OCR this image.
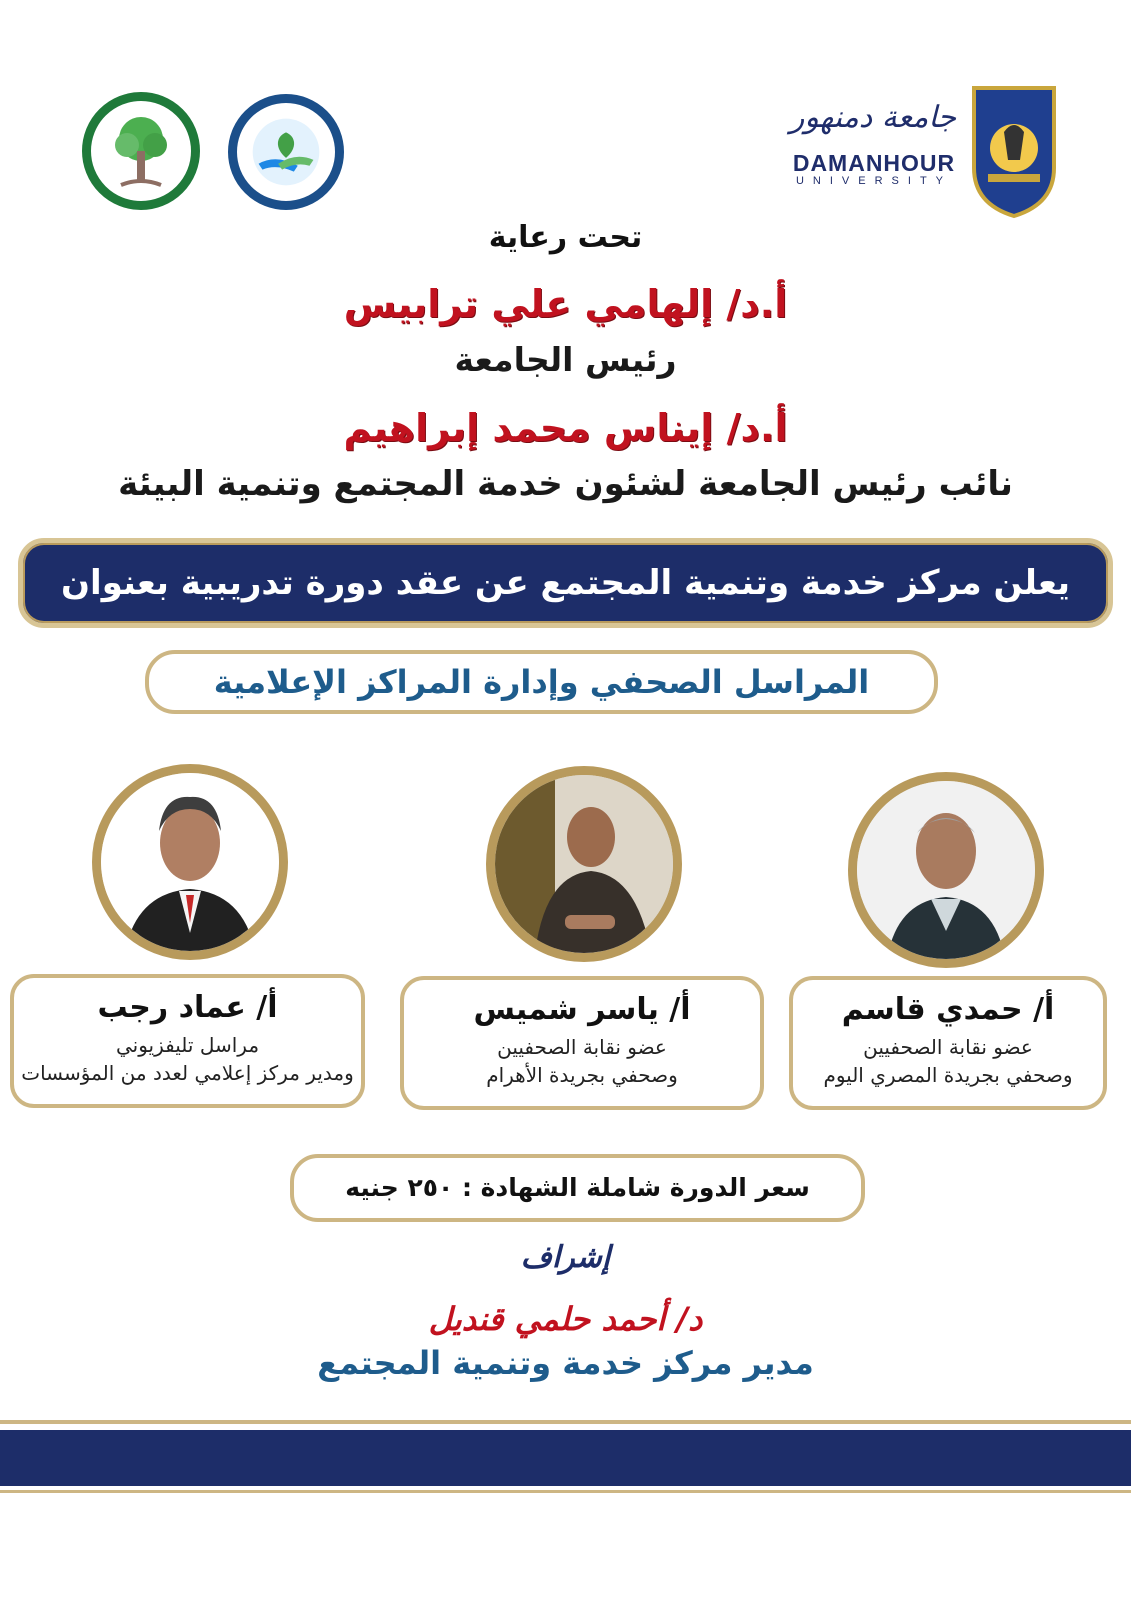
جامعة دمنهور
DAMANHOUR
UNIVERSITY
تحت رعاية
أ.د/ إلهامي علي ترابيس
رئيس الجامعة
أ.د/ إيناس محمد إبراهيم
نائب رئيس الجامعة لشئون خدمة المجتمع وتنمية البيئة
يعلن مركز خدمة وتنمية المجتمع عن عقد دورة تدريبية بعنوان
المراسل الصحفي وإدارة المراكز الإعلامية
أ/ حمدي قاسم
عضو نقابة الصحفيين
وصحفي بجريدة المصري اليوم
أ/ ياسر شميس
عضو نقابة الصحفيين
وصحفي بجريدة الأهرام
أ/ عماد رجب
مراسل تليفزيوني
ومدير مركز إعلامي لعدد من المؤسسات
سعر الدورة شاملة الشهادة : ٢٥٠ جنيه
إشراف
د/ أحمد حلمي قنديل
مدير مركز خدمة وتنمية المجتمع
